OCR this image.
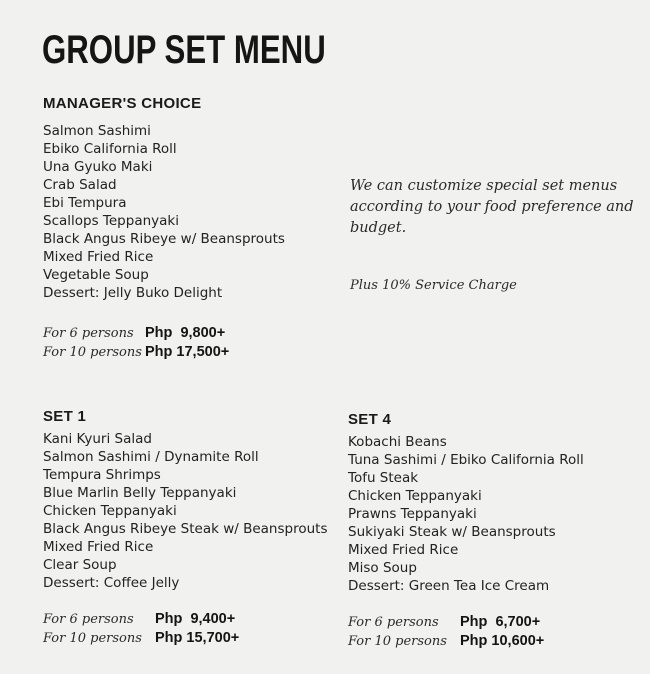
GROUP SET MENU
MANAGER'S CHOICE
Salmon Sashimi
Ebiko California Roll
Una Gyuko Maki
Crab Salad
Ebi Tempura
Scallops Teppanyaki
Black Angus Ribeye w/ Beansprouts
Mixed Fried Rice
Vegetable Soup
Dessert: Jelly Buko Delight
For 6 persons Php  9,800+
For 10 persons Php 17,500+
We can customize special set menus according to your food preference and budget.
Plus 10% Service Charge
SET 1
Kani Kyuri Salad
Salmon Sashimi / Dynamite Roll
Tempura Shrimps
Blue Marlin Belly Teppanyaki
Chicken Teppanyaki
Black Angus Ribeye Steak w/ Beansprouts
Mixed Fried Rice
Clear Soup
Dessert: Coffee Jelly
For 6 persons Php  9,400+
For 10 persons Php 15,700+
SET 4
Kobachi Beans
Tuna Sashimi / Ebiko California Roll
Tofu Steak
Chicken Teppanyaki
Prawns Teppanyaki
Sukiyaki Steak w/ Beansprouts
Mixed Fried Rice
Miso Soup
Dessert: Green Tea Ice Cream
For 6 persons Php  6,700+
For 10 persons Php 10,600+
